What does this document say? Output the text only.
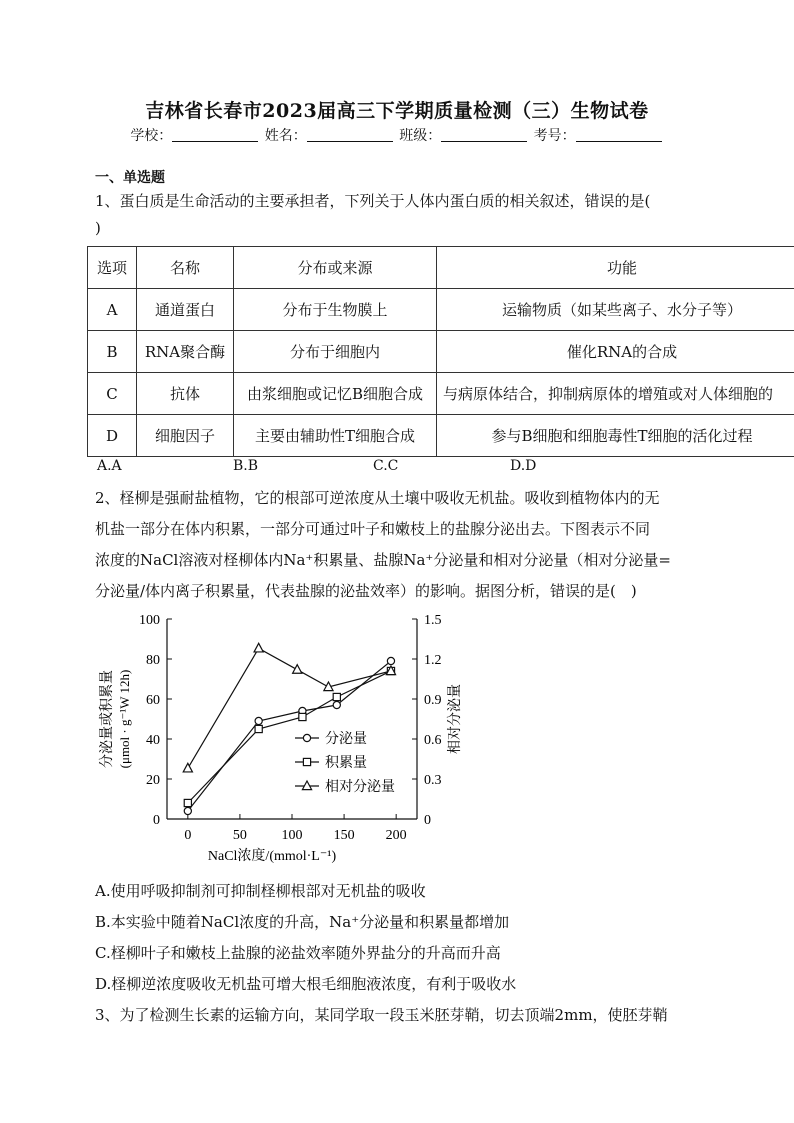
吉林省长春市2023届高三下学期质量检测（三）生物试卷
学校：	姓名：	班级：	考号：
一、单选题
1、蛋白质是生命活动的主要承担者，下列关于人体内蛋白质的相关叙述，错误的是(
)
选项	名称	分布或来源	功能
A	通道蛋白	分布于生物膜上	运输物质（如某些离子、水分子等）
B	RNA聚合酶	分布于细胞内	催化RNA的合成
C	抗体	由浆细胞或记忆B细胞合成	与病原体结合，抑制病原体的增殖或对人体细胞的
D	细胞因子	主要由辅助性T细胞合成	参与B细胞和细胞毒性T细胞的活化过程
A.A	B.B	C.C	D.D
2、柽柳是强耐盐植物，它的根部可逆浓度从土壤中吸收无机盐。吸收到植物体内的无
机盐一部分在体内积累，一部分可通过叶子和嫩枝上的盐腺分泌出去。下图表示不同
浓度的NaCl溶液对柽柳体内Na⁺积累量、盐腺Na⁺分泌量和相对分泌量（相对分泌量=
分泌量/体内离子积累量，代表盐腺的泌盐效率）的影响。据图分析，错误的是(　)
0
20
40
60
80
100
0
0.3
0.6
0.9
1.2
1.5
0	50 100 150 200
NaCl浓度/(mmol·L⁻¹)
分泌量或积累量 (μmol · g⁻¹W 12h)	相对分泌量
分泌量
积累量
相对分泌量
A.使用呼吸抑制剂可抑制柽柳根部对无机盐的吸收
B.本实验中随着NaCl浓度的升高，Na⁺分泌量和积累量都增加
C.柽柳叶子和嫩枝上盐腺的泌盐效率随外界盐分的升高而升高
D.柽柳逆浓度吸收无机盐可增大根毛细胞液浓度，有利于吸收水
3、为了检测生长素的运输方向，某同学取一段玉米胚芽鞘，切去顶端2mm，使胚芽鞘
